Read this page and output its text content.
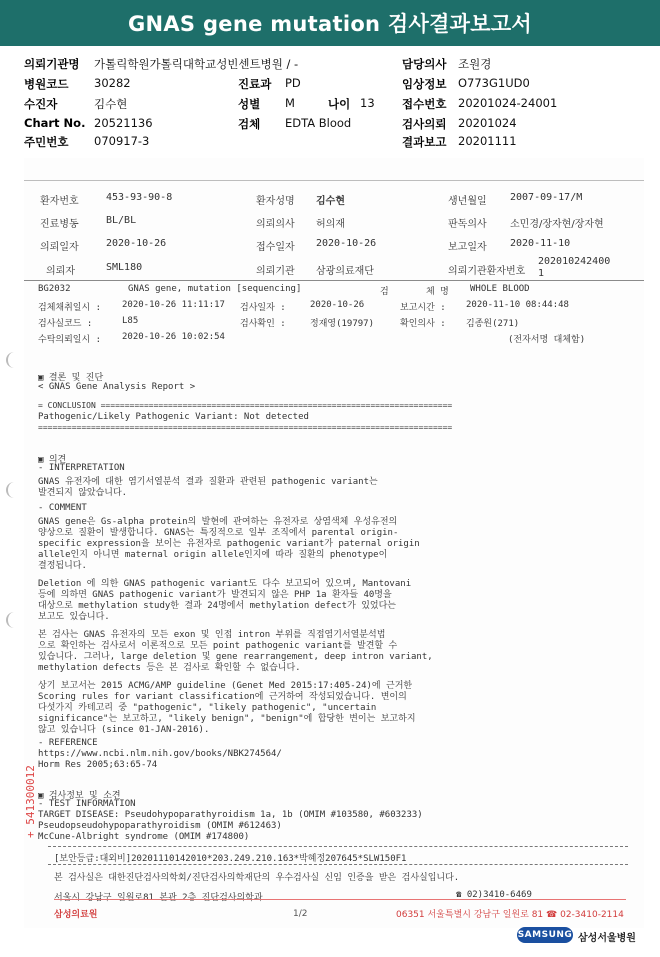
GNAS gene mutation 검사결과보고서
의뢰기관명 가톨릭학원가톨릭대학교성빈센트병원 / -	담당의사 조원경
병원코드 30282	진료과 PD	임상정보 O773G1UD0
수진자	김수현	성별 M	나이 13 접수번호 20201024-24001
Chart No. 20521136	검체 EDTA Blood	검사의뢰 20201024
주민번호 070917-3	결과보고 20201111
환자번호	453-93-90-8	환자성명 김수현	생년월일 2007-09-17/M
진료병동	BL/BL	의뢰의사 허의재	판독의사 소민경/장자현/장자현
의뢰일자	2020-10-26	접수일자 2020-10-26	보고일자 2020-11-10
의뢰자	SML180	의뢰기관 삼광의료재단	의뢰기관환자번호
202010242400
1
BG2032	GNAS gene, mutation [sequencing]	검	체 명 WHOLE BLOOD
검체채취일시 : 2020-10-26 11:11:17 검사일자 :	2020-10-26	보고시간 : 2020-11-10 08:44:48
검사실코드 :	L85	검사확인 :	정재영(19797)	확인의사 : 김종원(271)
수탁의뢰일시 : 2020-10-26 10:02:54	(전자서명 대체함)
▣ 결론 및 진단
< GNAS Gene Analysis Report >
= CONCLUSION =========================================================================
Pathogenic/Likely Pathogenic Variant: Not detected
======================================================================================
▣ 의견
- INTERPRETATION
GNAS 유전자에 대한 염기서열분석 결과 질환과 관련된 pathogenic variant는
발견되지 않았습니다.
- COMMENT
GNAS gene은 Gs-alpha protein의 발현에 관여하는 유전자로 상염색체 우성유전의
양상으로 질환이 발생합니다. GNAS는 특징적으로 일부 조직에서 parental origin-
specific expression을 보이는 유전자로 pathogenic variant가 paternal origin
allele인지 아니면 maternal origin allele인지에 따라 질환의 phenotype이
결정됩니다.
Deletion 에 의한 GNAS pathogenic variant도 다수 보고되어 있으며, Mantovani
등에 의하면 GNAS pathogenic variant가 발견되지 않은 PHP 1a 환자들 40명을
대상으로 methylation study한 결과 24명에서 methylation defect가 있었다는
보고도 있습니다.
본 검사는 GNAS 유전자의 모든 exon 및 인접 intron 부위를 직접염기서열분석법
으로 확인하는 검사로서 이론적으로 모든 point pathogenic variant를 발견할 수
있습니다. 그러나, large deletion 및 gene rearrangement, deep intron variant,
methylation defects 등은 본 검사로 확인할 수 없습니다.
상기 보고서는 2015 ACMG/AMP guideline (Genet Med 2015:17:405-24)에 근거한
Scoring rules for variant classification에 근거하여 작성되었습니다. 변이의
다섯가지 카테고리 중 "pathogenic", "likely pathogenic", "uncertain
significance"는 보고하고, "likely benign", "benign"에 합당한 변이는 보고하지
않고 있습니다 (since 01-JAN-2016).
- REFERENCE
https://www.ncbi.nlm.nih.gov/books/NBK274564/
Horm Res 2005;63:65-74
▣ 검사정보 및 소견
- TEST INFORMATION
TARGET DISEASE: Pseudohypoparathyroidism 1a, 1b (OMIM #103580, #603233)
Pseudopseudohypoparathyroidism (OMIM #612463)
McCune-Albright syndrome (OMIM #174800)
[보안등급:대외비]20201110142010*203.249.210.163*박혜정207645*SLW150F1
본 검사실은 대한진단검사의학회/진단검사의학재단의 우수검사실 신임 인증을 받은 검사실입니다.
서울시 강남구 일원로81 본관 2층 진단검사의학과	☎ 02)3410-6469
+ 541300012
삼성의료원	1/2	06351 서울특별시 강남구 일원로 81 ☎ 02-3410-2114
SAMSUNG 삼성서울병원
